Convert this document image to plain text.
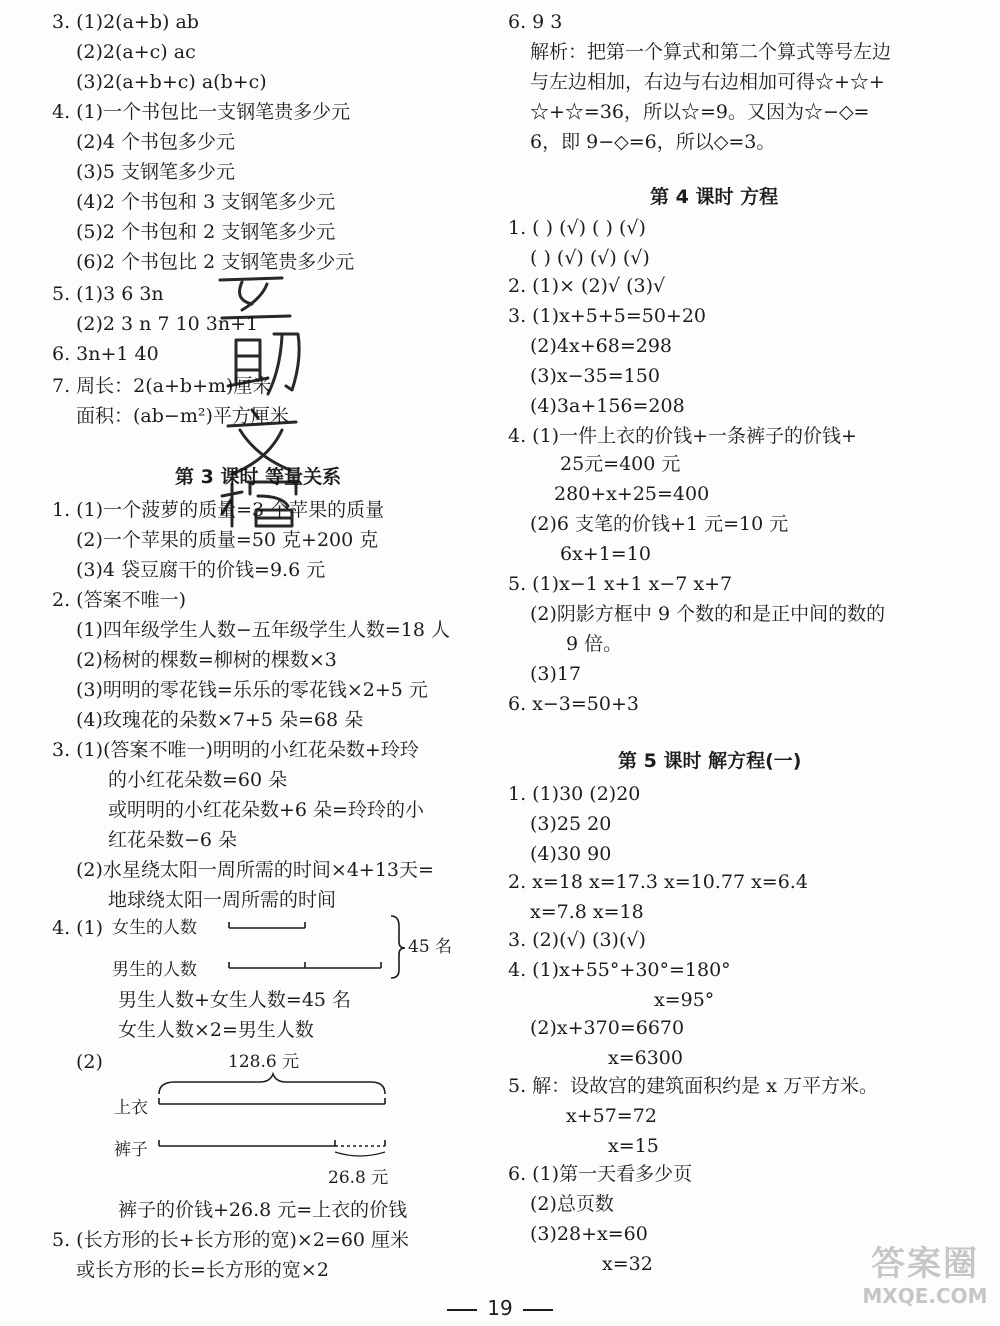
3. (1)2(a+b) ab
(2)2(a+c) ac
(3)2(a+b+c) a(b+c)
4. (1)一个书包比一支钢笔贵多少元
(2)4 个书包多少元
(3)5 支钢笔多少元
(4)2 个书包和 3 支钢笔多少元
(5)2 个书包和 2 支钢笔多少元
(6)2 个书包比 2 支钢笔贵多少元
5. (1)3 6 3n
(2)2 3 n 7 10 3n+1
6. 3n+1 40
7. 周长：2(a+b+m)厘米
面积：(ab−m²)平方厘米
第 3 课时 等量关系
1. (1)一个菠萝的质量=3 个苹果的质量
(2)一个苹果的质量=50 克+200 克
(3)4 袋豆腐干的价钱=9.6 元
2. (答案不唯一)
(1)四年级学生人数−五年级学生人数=18 人
(2)杨树的棵数=柳树的棵数×3
(3)明明的零花钱=乐乐的零花钱×2+5 元
(4)玫瑰花的朵数×7+5 朵=68 朵
3. (1)(答案不唯一)明明的小红花朵数+玲玲
的小红花朵数=60 朵
或明明的小红花朵数+6 朵=玲玲的小
红花朵数−6 朵
(2)水星绕太阳一周所需的时间×4+13天=
地球绕太阳一周所需的时间
4. (1) 女生的人数
男生的人数
45 名
男生人数+女生人数=45 名
女生人数×2=男生人数
(2)	128.6 元
上衣
裤子
26.8 元
裤子的价钱+26.8 元=上衣的价钱
5. (长方形的长+长方形的宽)×2=60 厘米
或长方形的长=长方形的宽×2
6. 9 3
解析：把第一个算式和第二个算式等号左边
与左边相加，右边与右边相加可得☆+☆+
☆+☆=36，所以☆=9。又因为☆−◇=
6，即 9−◇=6，所以◇=3。
第 4 课时 方程
1. ( ) (√) ( ) (√)
( ) (√) (√) (√)
2. (1)× (2)√ (3)√
3. (1)x+5+5=50+20
(2)4x+68=298
(3)x−35=150
(4)3a+156=208
4. (1)一件上衣的价钱+一条裤子的价钱+
25元=400 元
280+x+25=400
(2)6 支笔的价钱+1 元=10 元
6x+1=10
5. (1)x−1 x+1 x−7 x+7
(2)阴影方框中 9 个数的和是正中间的数的
9 倍。
(3)17
6. x−3=50+3
第 5 课时 解方程(一)
1. (1)30 (2)20
(3)25 20
(4)30 90
2. x=18 x=17.3 x=10.77 x=6.4
x=7.8 x=18
3. (2)(√) (3)(√)
4. (1)x+55°+30°=180°
x=95°
(2)x+370=6670
x=6300
5. 解：设故宫的建筑面积约是 x 万平方米。
x+57=72
x=15
6. (1)第一天看多少页
(2)总页数
(3)28+x=60
x=32
19
答案圈
MXQE.COM
